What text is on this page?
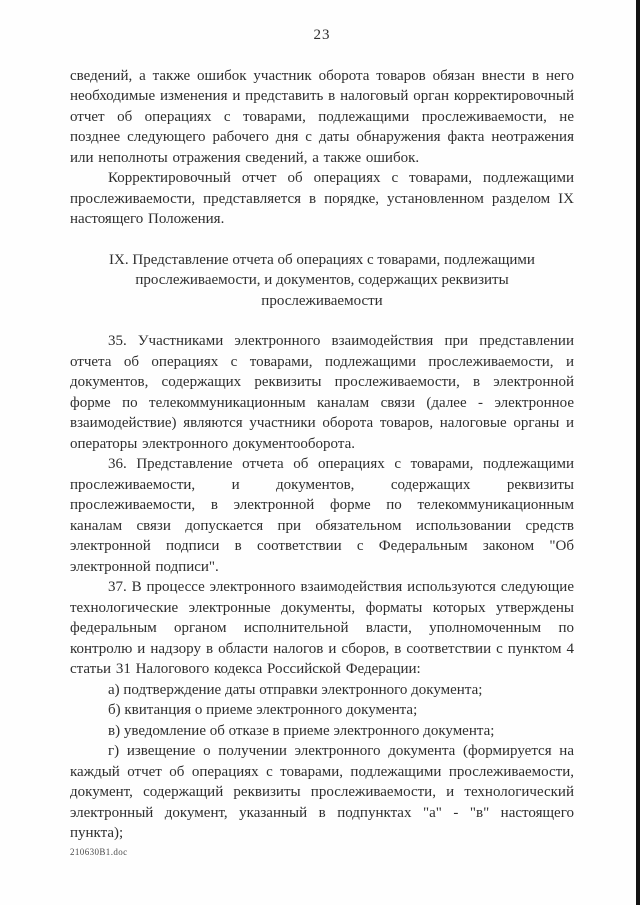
23

сведений, а также ошибок участник оборота товаров обязан внести в него необходимые изменения и представить в налоговый орган корректировочный отчет об операциях с товарами, подлежащими прослеживаемости, не позднее следующего рабочего дня с даты обнаружения факта неотражения или неполноты отражения сведений, а также ошибок.

Корректировочный отчет об операциях с товарами, подлежащими прослеживаемости, представляется в порядке, установленном разделом IX настоящего Положения.

IX. Представление отчета об операциях с товарами, подлежащими прослеживаемости, и документов, содержащих реквизиты прослеживаемости

35. Участниками электронного взаимодействия при представлении отчета об операциях с товарами, подлежащими прослеживаемости, и документов, содержащих реквизиты прослеживаемости, в электронной форме по телекоммуникационным каналам связи (далее - электронное взаимодействие) являются участники оборота товаров, налоговые органы и операторы электронного документооборота.

36. Представление отчета об операциях с товарами, подлежащими прослеживаемости, и документов, содержащих реквизиты прослеживаемости, в электронной форме по телекоммуникационным каналам связи допускается при обязательном использовании средств электронной подписи в соответствии с Федеральным законом "Об электронной подписи".

37. В процессе электронного взаимодействия используются следующие технологические электронные документы, форматы которых утверждены федеральным органом исполнительной власти, уполномоченным по контролю и надзору в области налогов и сборов, в соответствии с пунктом 4 статьи 31 Налогового кодекса Российской Федерации:

а) подтверждение даты отправки электронного документа;

б) квитанция о приеме электронного документа;

в) уведомление об отказе в приеме электронного документа;

г) извещение о получении электронного документа (формируется на каждый отчет об операциях с товарами, подлежащими прослеживаемости, документ, содержащий реквизиты прослеживаемости, и технологический электронный документ, указанный в подпунктах "а" - "в" настоящего пункта);

210630B1.doc
